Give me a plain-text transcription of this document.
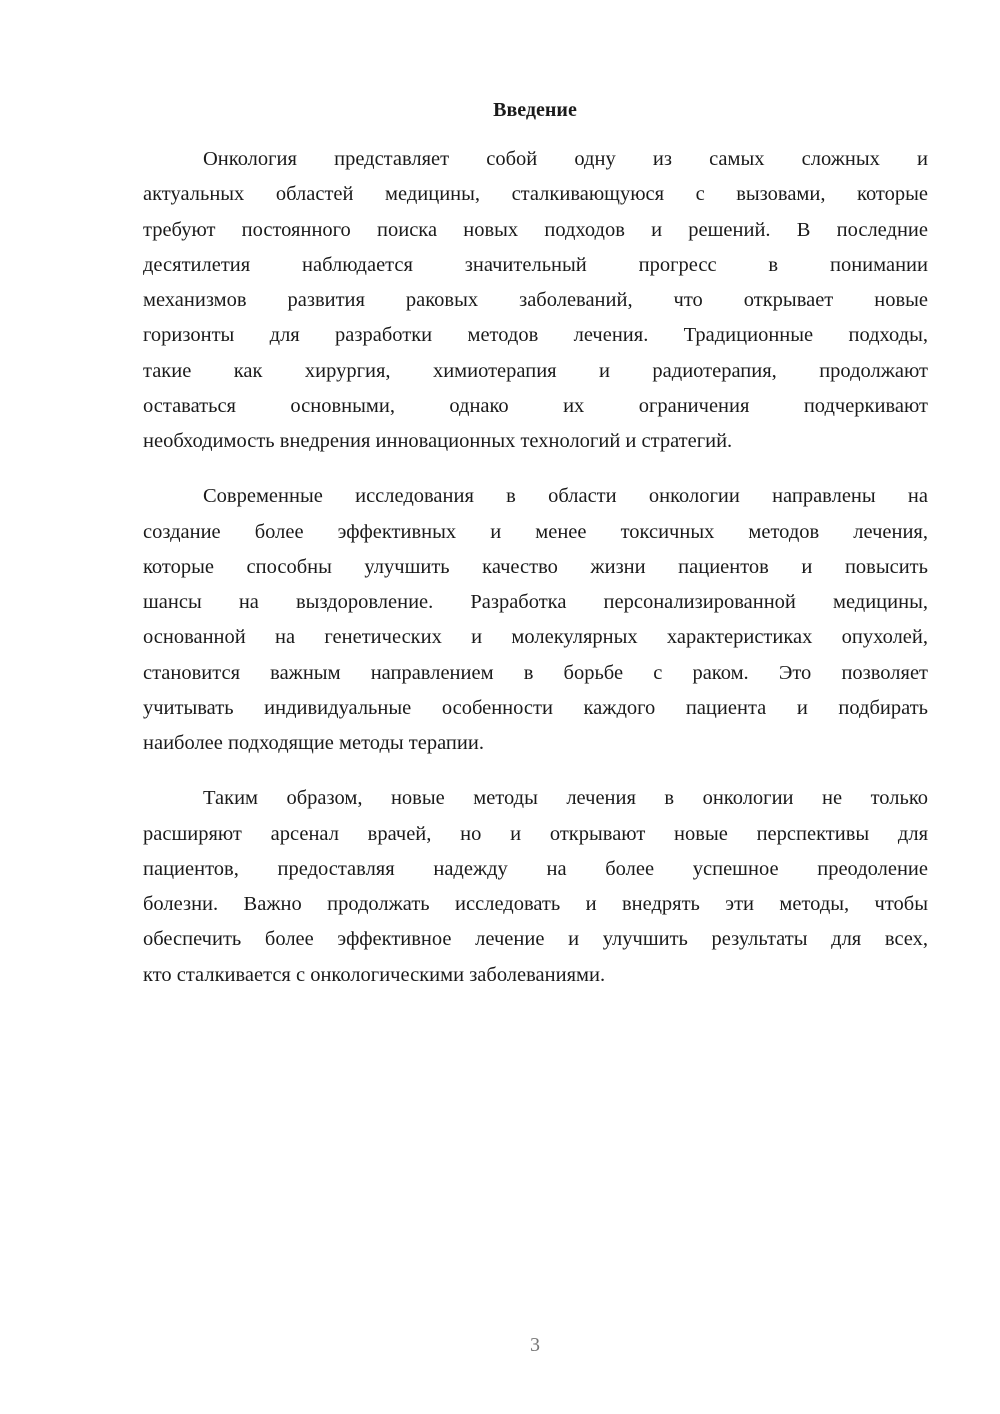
Введение
Онкология представляет собой одну из самых сложных и
актуальных областей медицины, сталкивающуюся с вызовами, которые
требуют постоянного поиска новых подходов и решений. В последние
десятилетия наблюдается значительный прогресс в понимании
механизмов развития раковых заболеваний, что открывает новые
горизонты для разработки методов лечения. Традиционные подходы,
такие как хирургия, химиотерапия и радиотерапия, продолжают
оставаться основными, однако их ограничения подчеркивают
необходимость внедрения инновационных технологий и стратегий.
Современные исследования в области онкологии направлены на
создание более эффективных и менее токсичных методов лечения,
которые способны улучшить качество жизни пациентов и повысить
шансы на выздоровление. Разработка персонализированной медицины,
основанной на генетических и молекулярных характеристиках опухолей,
становится важным направлением в борьбе с раком. Это позволяет
учитывать индивидуальные особенности каждого пациента и подбирать
наиболее подходящие методы терапии.
Таким образом, новые методы лечения в онкологии не только
расширяют арсенал врачей, но и открывают новые перспективы для
пациентов, предоставляя надежду на более успешное преодоление
болезни. Важно продолжать исследовать и внедрять эти методы, чтобы
обеспечить более эффективное лечение и улучшить результаты для всех,
кто сталкивается с онкологическими заболеваниями.
3
